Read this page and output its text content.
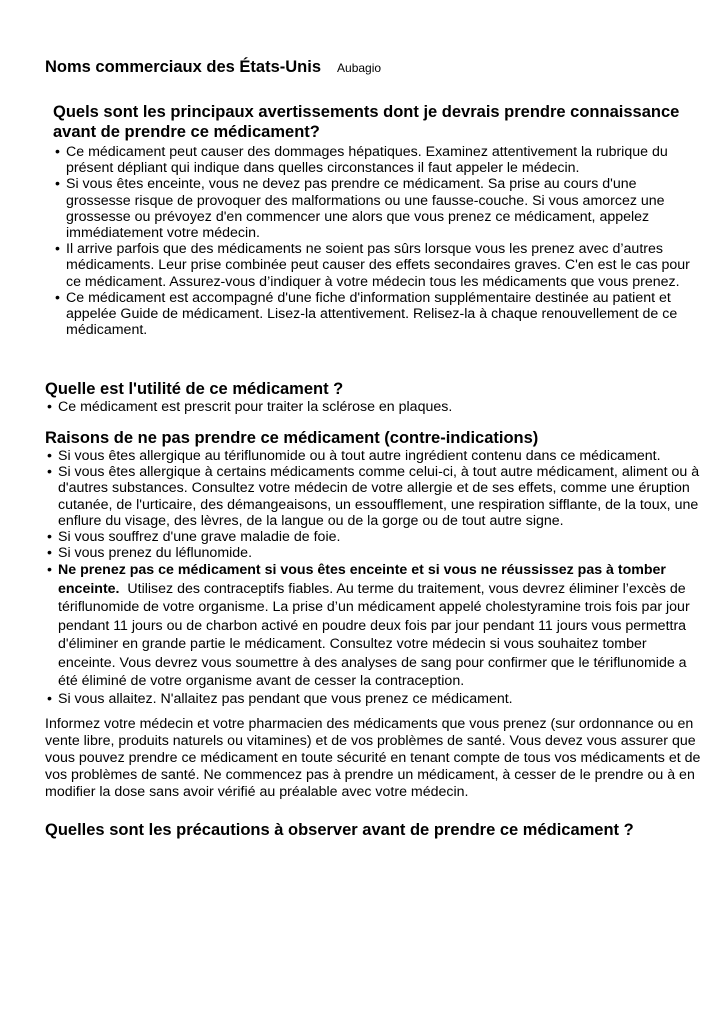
Noms commerciaux des États-Unis Aubagio
Quels sont les principaux avertissements dont je devrais prendre connaissance avant de prendre ce médicament?
• Ce médicament peut causer des dommages hépatiques. Examinez attentivement la rubrique du présent dépliant qui indique dans quelles circonstances il faut appeler le médecin.
• Si vous êtes enceinte, vous ne devez pas prendre ce médicament. Sa prise au cours d'une grossesse risque de provoquer des malformations ou une fausse-couche. Si vous amorcez une grossesse ou prévoyez d'en commencer une alors que vous prenez ce médicament, appelez immédiatement votre médecin.
• Il arrive parfois que des médicaments ne soient pas sûrs lorsque vous les prenez avec d’autres médicaments. Leur prise combinée peut causer des effets secondaires graves. C'en est le cas pour ce médicament. Assurez-vous d’indiquer à votre médecin tous les médicaments que vous prenez.
• Ce médicament est accompagné d'une fiche d'information supplémentaire destinée au patient et appelée Guide de médicament. Lisez-la attentivement. Relisez-la à chaque renouvellement de ce médicament.
Quelle est l'utilité de ce médicament ?
• Ce médicament est prescrit pour traiter la sclérose en plaques.
Raisons de ne pas prendre ce médicament (contre-indications)
• Si vous êtes allergique au tériflunomide ou à tout autre ingrédient contenu dans ce médicament.
• Si vous êtes allergique à certains médicaments comme celui-ci, à tout autre médicament, aliment ou à d'autres substances. Consultez votre médecin de votre allergie et de ses effets, comme une éruption cutanée, de l'urticaire, des démangeaisons, un essoufflement, une respiration sifflante, de la toux, une enflure du visage, des lèvres, de la langue ou de la gorge ou de tout autre signe.
• Si vous souffrez d'une grave maladie de foie.
• Si vous prenez du léflunomide.
• Ne prenez pas ce médicament si vous êtes enceinte et si vous ne réussissez pas à tomber enceinte. Utilisez des contraceptifs fiables. Au terme du traitement, vous devrez éliminer l’excès de tériflunomide de votre organisme. La prise d’un médicament appelé cholestyramine trois fois par jour pendant 11 jours ou de charbon activé en poudre deux fois par jour pendant 11 jours vous permettra d'éliminer en grande partie le médicament. Consultez votre médecin si vous souhaitez tomber enceinte. Vous devrez vous soumettre à des analyses de sang pour confirmer que le tériflunomide a été éliminé de votre organisme avant de cesser la contraception.
• Si vous allaitez. N'allaitez pas pendant que vous prenez ce médicament.

Informez votre médecin et votre pharmacien des médicaments que vous prenez (sur ordonnance ou en vente libre, produits naturels ou vitamines) et de vos problèmes de santé. Vous devez vous assurer que vous pouvez prendre ce médicament en toute sécurité en tenant compte de tous vos médicaments et de vos problèmes de santé. Ne commencez pas à prendre un médicament, à cesser de le prendre ou à en modifier la dose sans avoir vérifié au préalable avec votre médecin.

Quelles sont les précautions à observer avant de prendre ce médicament ?
